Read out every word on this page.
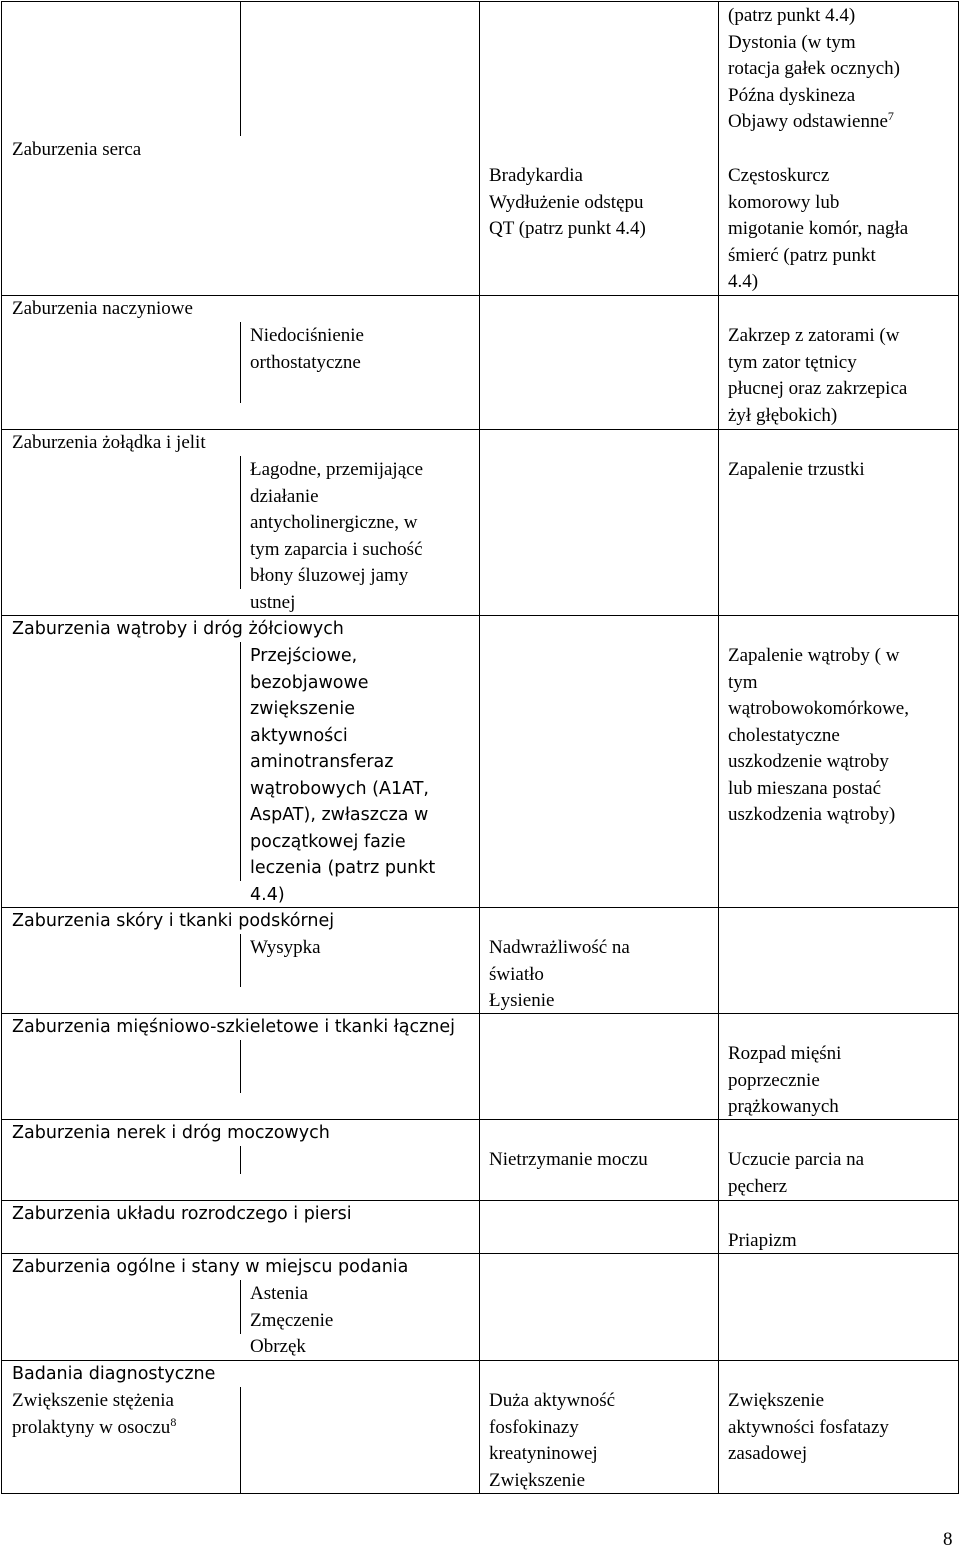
Zaburzenia serca
Bradykardia
Wydłużenie odstępu
QT (patrz punkt 4.4)
(patrz punkt 4.4)
Dystonia (w tym
rotacja gałek ocznych)
Późna dyskineza
Objawy odstawienne$^7$
Częstoskurcz
komorowy lub
migotanie komór, nagła
śmierć (patrz punkt
4.4)
Zaburzenia naczyniowe
Niedociśnienie
orthostatyczne
Zakrzep z zatorami (w
tym zator tętnicy
płucnej oraz zakrzepica
żył głębokich)
Zaburzenia żołądka i jelit
Łagodne, przemijające
działanie
antycholinergiczne, w
tym zaparcia i suchość
błony śluzowej jamy
ustnej
Zapalenie trzustki
Zaburzenia wątroby i dróg żółciowych
Przejściowe,
bezobjawowe
zwiększenie
aktywności
aminotransferaz
wątrobowych (A1AT,
AspAT), zwłaszcza w
początkowej fazie
leczenia (patrz punkt
4.4)
Zapalenie wątroby ( w
tym
wątrobowokomórkowe,
cholestatyczne
uszkodzenie wątroby
lub mieszana postać
uszkodzenia wątroby)
Zaburzenia skóry i tkanki podskórnej
Wysypka	Nadwrażliwość na
światło
Łysienie
Zaburzenia mięśniowo-szkieletowe i tkanki łącznej
Rozpad mięśni
poprzecznie
prążkowanych
Zaburzenia nerek i dróg moczowych
Nietrzymanie moczu	Uczucie parcia na
pęcherz
Zaburzenia układu rozrodczego i piersi
Priapizm
Zaburzenia ogólne i stany w miejscu podania
Astenia
Zmęczenie
Obrzęk
Badania diagnostyczne
Zwiększenie stężenia
prolaktyny w osoczu$^8$
Duża aktywność
fosfokinazy
kreatyninowej
Zwiększenie
Zwiększenie
aktywności fosfatazy
zasadowej
8
